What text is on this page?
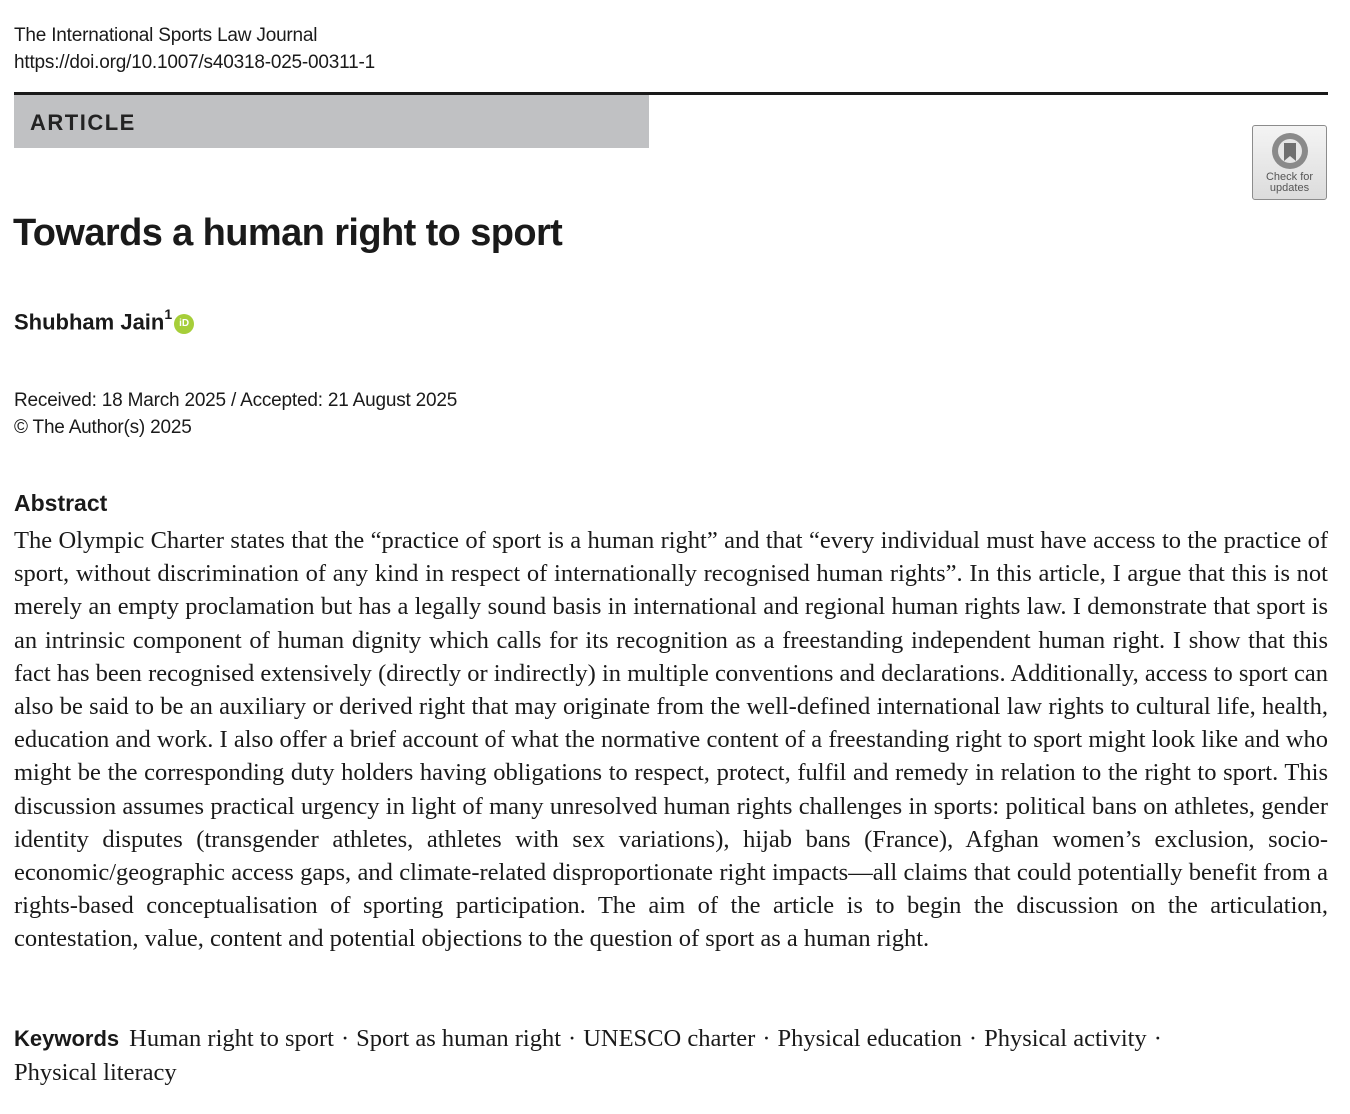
The International Sports Law Journal
https://doi.org/10.1007/s40318-025-00311-1
ARTICLE
Check for
updates
Towards a human right to sport
Shubham Jain$^1$iD
Received: 18 March 2025 / Accepted: 21 August 2025
© The Author(s) 2025
Abstract

The Olympic Charter states that the “practice of sport is a human right” and that “every individual must have access to the practice of sport, without discrimination of any kind in respect of internationally recognised human rights”. In this article, I argue that this is not merely an empty proclamation but has a legally sound basis in international and regional human rights law. I demonstrate that sport is an intrinsic component of human dignity which calls for its recognition as a freestanding independent human right. I show that this fact has been recognised extensively (directly or indirectly) in multiple conventions and declarations. Additionally, access to sport can also be said to be an auxiliary or derived right that may originate from the well-defined international law rights to cultural life, health, education and work. I also offer a brief account of what the normative content of a freestanding right to sport might look like and who might be the corresponding duty holders having obligations to respect, protect, fulfil and remedy in relation to the right to sport. This discussion assumes practical urgency in light of many unresolved human rights challenges in sports: political bans on athletes, gender identity disputes (transgender athletes, athletes with sex variations), hijab bans (France), Afghan women’s exclusion, socio-economic/geographic access gaps, and climate-related disproportionate right impacts—all claims that could potentially benefit from a rights-based conceptualisation of sporting participation. The aim of the article is to begin the discussion on the articulation, contestation, value, content and potential objections to the question of sport as a human right.

Keywords Human right to sport · Sport as human right · UNESCO charter · Physical education · Physical activity ·
Physical literacy
